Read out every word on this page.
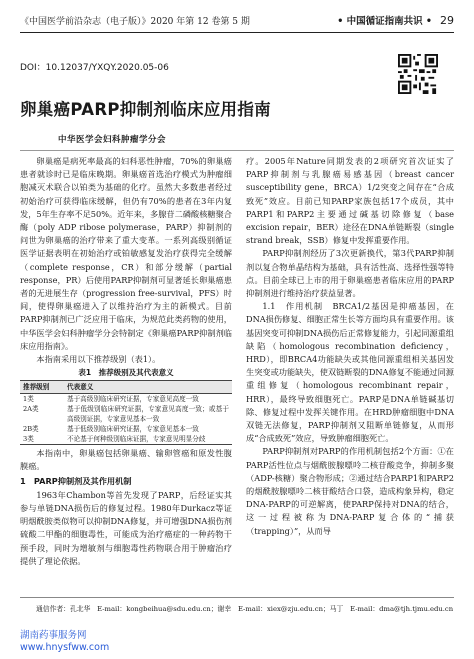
《中国医学前沿杂志（电子版）》2020 年第 12 卷第 5 期	• 中国循证指南共识 • 29
DOI：10.12037/YXQY.2020.05-06
卵巢癌PARP抑制剂临床应用指南
中华医学会妇科肿瘤学分会

卵巢癌是病死率最高的妇科恶性肿瘤，70%的卵巢癌患者就诊时已是临床晚期。卵巢癌首选治疗模式为肿瘤细胞减灭术联合以铂类为基础的化疗。虽然大多数患者经过初始治疗可获得临床缓解，但仍有70%的患者在3年内复发，5年生存率不足50%。近年来，多腺苷二磷酸核糖聚合酶（poly ADP ribose polymerase，PARP）抑制剂的问世为卵巢癌的治疗带来了重大变革。一系列高级别循证医学证据表明在初始治疗或铂敏感复发治疗获得完全缓解（complete response，CR）和部分缓解（partial response，PR）后使用PARP抑制剂可显著延长卵巢癌患者的无进展生存（progression free-survival，PFS）时间，使得卵巢癌进入了以维持治疗为主的新模式。目前PARP抑制剂已广泛应用于临床，为规范此类药物的使用，中华医学会妇科肿瘤学分会特制定《卵巢癌PARP抑制剂临床应用指南》。

本指南采用以下推荐级别（表1）。

表1　推荐级别及其代表意义
推荐级别	代表意义
1类	基于高级别临床研究证据，专家意见高度一致
2A类	基于低级别临床研究证据，专家意见高度一致；或基于高级别证据，专家意见基本一致
2B类	基于低级别临床研究证据，专家意见基本一致
3类	不论基于何种级别临床证据，专家意见明显分歧

本指南中，卵巢癌包括卵巢癌、输卵管癌和原发性腹膜癌。

1　PARP抑制剂及其作用机制

1963年Chambon等首先发现了PARP，后经证实其参与单链DNA损伤后的修复过程。1980年Durkacz等证明烟酰胺类似物可以抑制DNA修复，并可增强DNA损伤剂硫酸二甲酯的细胞毒性，可能成为治疗癌症的一种药物干预手段，同时为增敏剂与细胞毒性药物联合用于肿瘤治疗提供了理论依据。

疗。2005年Nature同期发表的2项研究首次证实了PARP抑制剂与乳腺癌易感基因（breast cancer susceptibility gene，BRCA）1/2突变之间存在“合成致死”效应。目前已知PARP家族包括17个成员，其中PARP1和PARP2主要通过碱基切除修复（base excision repair，BER）途径在DNA单链断裂（single strand break，SSB）修复中发挥重要作用。

PARP抑制剂经历了3次更新换代，第3代PARP抑制剂以复合物单晶结构为基础，具有活性高、选择性强等特点。目前全球已上市的用于卵巢癌患者临床应用的PARP抑制剂进行维持治疗获益显著。

1.1　作用机制　BRCA1/2基因是抑癌基因，在DNA损伤修复、细胞正常生长等方面均具有重要作用。该基因突变可抑制DNA损伤后正常修复能力，引起同源重组缺陷（homologous recombination deficiency，HRD），即BRCA4功能缺失或其他同源重组相关基因发生突变或功能缺失，使双链断裂的DNA修复不能通过同源重组修复（homologous recombinant repair，HRR），最终导致细胞死亡。PARP是DNA单链碱基切除、修复过程中发挥关键作用。在HRD肿瘤细胞中DNA双链无法修复，PARP抑制剂又阻断单链修复，从而形成“合成致死”效应，导致肿瘤细胞死亡。

PARP抑制剂对PARP的作用机制包括2个方面：①在PARP活性位点与烟酰胺腺嘌呤二核苷酸竞争，抑制多聚（ADP-核糖）聚合物形成；②通过结合PARP1和PARP2的烟酰胺腺嘌呤二核苷酸结合口袋，造成构象异构，稳定DNA-PARP的可逆解离，使PARP保持对DNA的结合，这一过程被称为DNA-PARP复合体的“捕获（trapping）”，从而导

通信作者：孔北华　E-mail：kongbeihua@sdu.edu.cn；谢幸　E-mail：xiex@zju.edu.cn；马丁　E-mail：dma@tjh.tjmu.edu.cn
湖南药事服务网
www.hnysfww.com
